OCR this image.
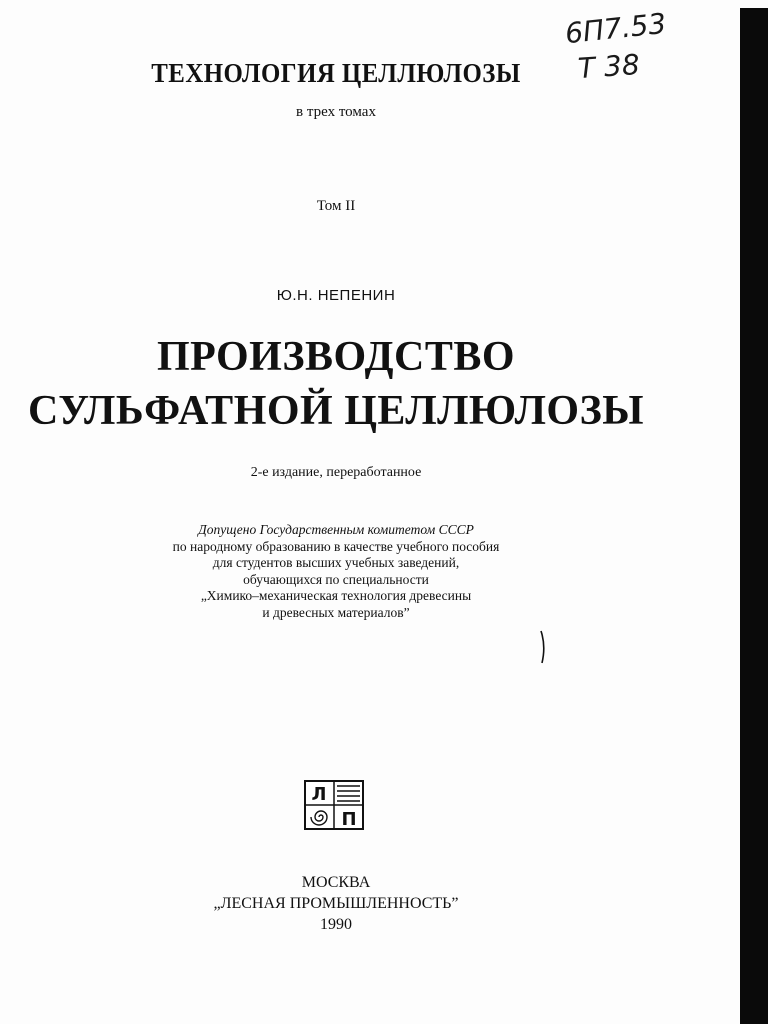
6П7.53
Т 38
ТЕХНОЛОГИЯ ЦЕЛЛЮЛОЗЫ
в трех томах
Том II
Ю.Н. НЕПЕНИН
ПРОИЗВОДСТВО
СУЛЬФАТНОЙ ЦЕЛЛЮЛОЗЫ
2-е издание, переработанное
Допущено Государственным комитетом СССР
по народному образованию в качестве учебного пособия
для студентов высших учебных заведений,
обучающихся по специальности
„Химико–механическая технология древесины
и древесных материалов”
Л
П
МОСКВА
„ЛЕСНАЯ ПРОМЫШЛЕННОСТЬ”
1990
